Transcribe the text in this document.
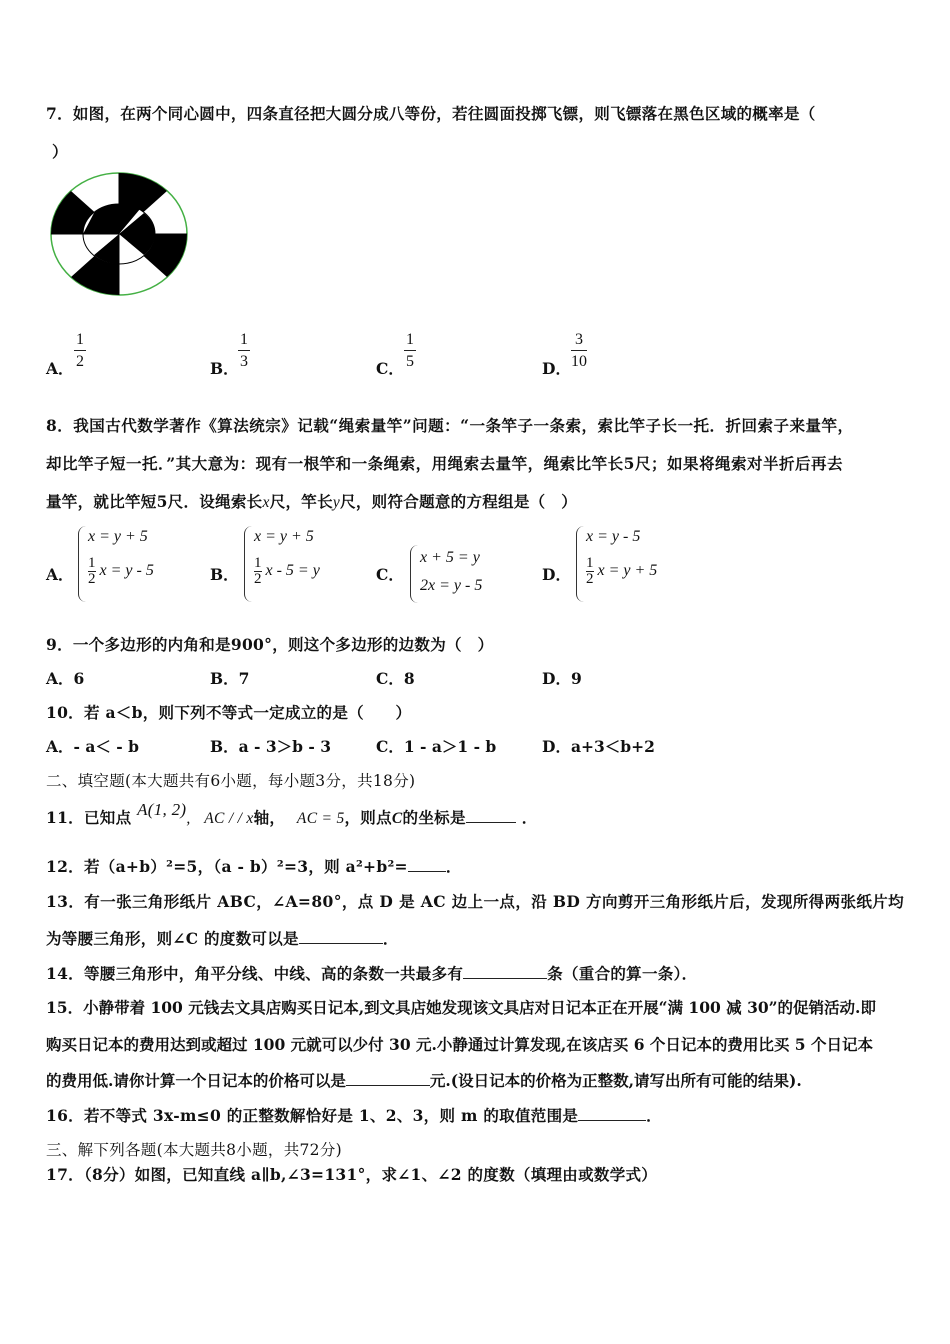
7．如图，在两个同心圆中，四条直径把大圆分成八等份，若往圆面投掷飞镖，则飞镖落在黑色区域的概率是（
）
A． $\frac{1}{2}$	B． $\frac{1}{3}$	C． $\frac{1}{5}$	D． $\frac{3}{10}$
8．我国古代数学著作《算法统宗》记载“绳索量竿”问题：“一条竿子一条索，索比竿子长一托．折回索子来量竿，
却比竿子短一托．”其大意为：现有一根竿和一条绳索，用绳索去量竿，绳索比竿长5尺；如果将绳索对半折后再去
量竿，就比竿短5尺．设绳索长x尺，竿长y尺，则符合题意的方程组是（　）
A．
x = y + 5
$\frac{1}{2}$ x = y - 5	B．
x = y + 5
$\frac{1}{2}$ x - 5 = y	C．
x + 5 = y
2x = y - 5
D．
x = y - 5
$\frac{1}{2}$ x = y + 5
9．一个多边形的内角和是900°，则这个多边形的边数为（　）
A．6	B．7	C．8	D．9
10．若 a＜b，则下列不等式一定成立的是（　　）
A．- a＜ - b	B．a - 3＞b - 3	C．1 - a＞1 - b	D．a+3＜b+2
二、填空题(本大题共有6小题，每小题3分，共18分)
11．已知点 A(1, 2), AC / / x轴， AC = 5，则点C的坐标是	．
12．若（a+b）²=5，（a - b）²=3，则 a²+b²= ．
13．有一张三角形纸片 ABC，∠A=80°，点 D 是 AC 边上一点，沿 BD 方向剪开三角形纸片后，发现所得两张纸片均
为等腰三角形，则∠C 的度数可以是	．
14．等腰三角形中，角平分线、中线、高的条数一共最多有	条（重合的算一条）．
15．小静带着 100 元钱去文具店购买日记本,到文具店她发现该文具店对日记本正在开展“满 100 减 30”的促销活动.即
购买日记本的费用达到或超过 100 元就可以少付 30 元.小静通过计算发现,在该店买 6 个日记本的费用比买 5 个日记本
的费用低.请你计算一个日记本的价格可以是	元.(设日记本的价格为正整数,请写出所有可能的结果).
16．若不等式 3x-m≤0 的正整数解恰好是 1、2、3，则 m 的取值范围是	．
三、解下列各题(本大题共8小题，共72分)
17．（8分）如图，已知直线 a∥b,∠3=131°，求∠1、∠2 的度数（填理由或数学式）
